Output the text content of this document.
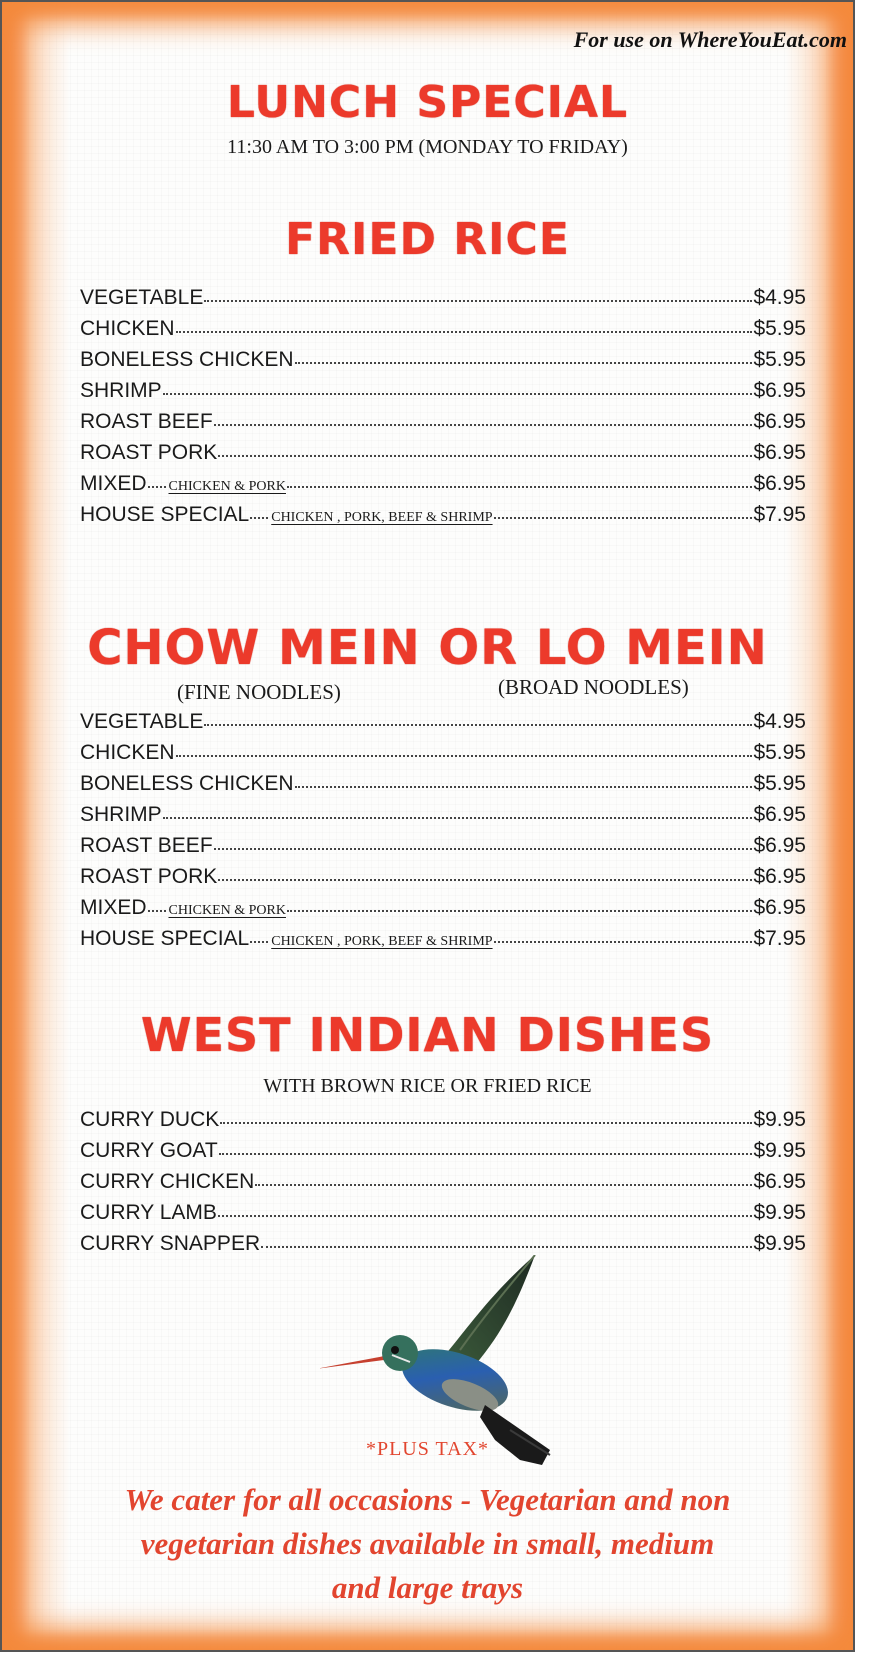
For use on WhereYouEat.com

LUNCH SPECIAL

11:30 AM TO 3:00 PM (MONDAY TO FRIDAY)

FRIED RICE
VEGETABLE	$4.95
CHICKEN	$5.95
BONELESS CHICKEN	$5.95
SHRIMP	$6.95
ROAST BEEF	$6.95
ROAST PORK	$6.95
MIXED CHICKEN & PORK	$6.95
HOUSE SPECIAL CHICKEN , PORK, BEEF & SHRIMP	$7.95
CHOW MEIN OR LO MEIN

(FINE NOODLES)	(BROAD NOODLES)

VEGETABLE	$4.95
CHICKEN	$5.95
BONELESS CHICKEN	$5.95
SHRIMP	$6.95
ROAST BEEF	$6.95
ROAST PORK	$6.95
MIXED CHICKEN & PORK	$6.95
HOUSE SPECIAL CHICKEN , PORK, BEEF & SHRIMP	$7.95
WEST INDIAN DISHES

WITH BROWN RICE OR FRIED RICE

CURRY DUCK	$9.95
CURRY GOAT	$9.95
CURRY CHICKEN	$6.95
CURRY LAMB	$9.95
CURRY SNAPPER	$9.95

*PLUS TAX*

We cater for all occasions - Vegetarian and non
vegetarian dishes available in small, medium
and large trays
